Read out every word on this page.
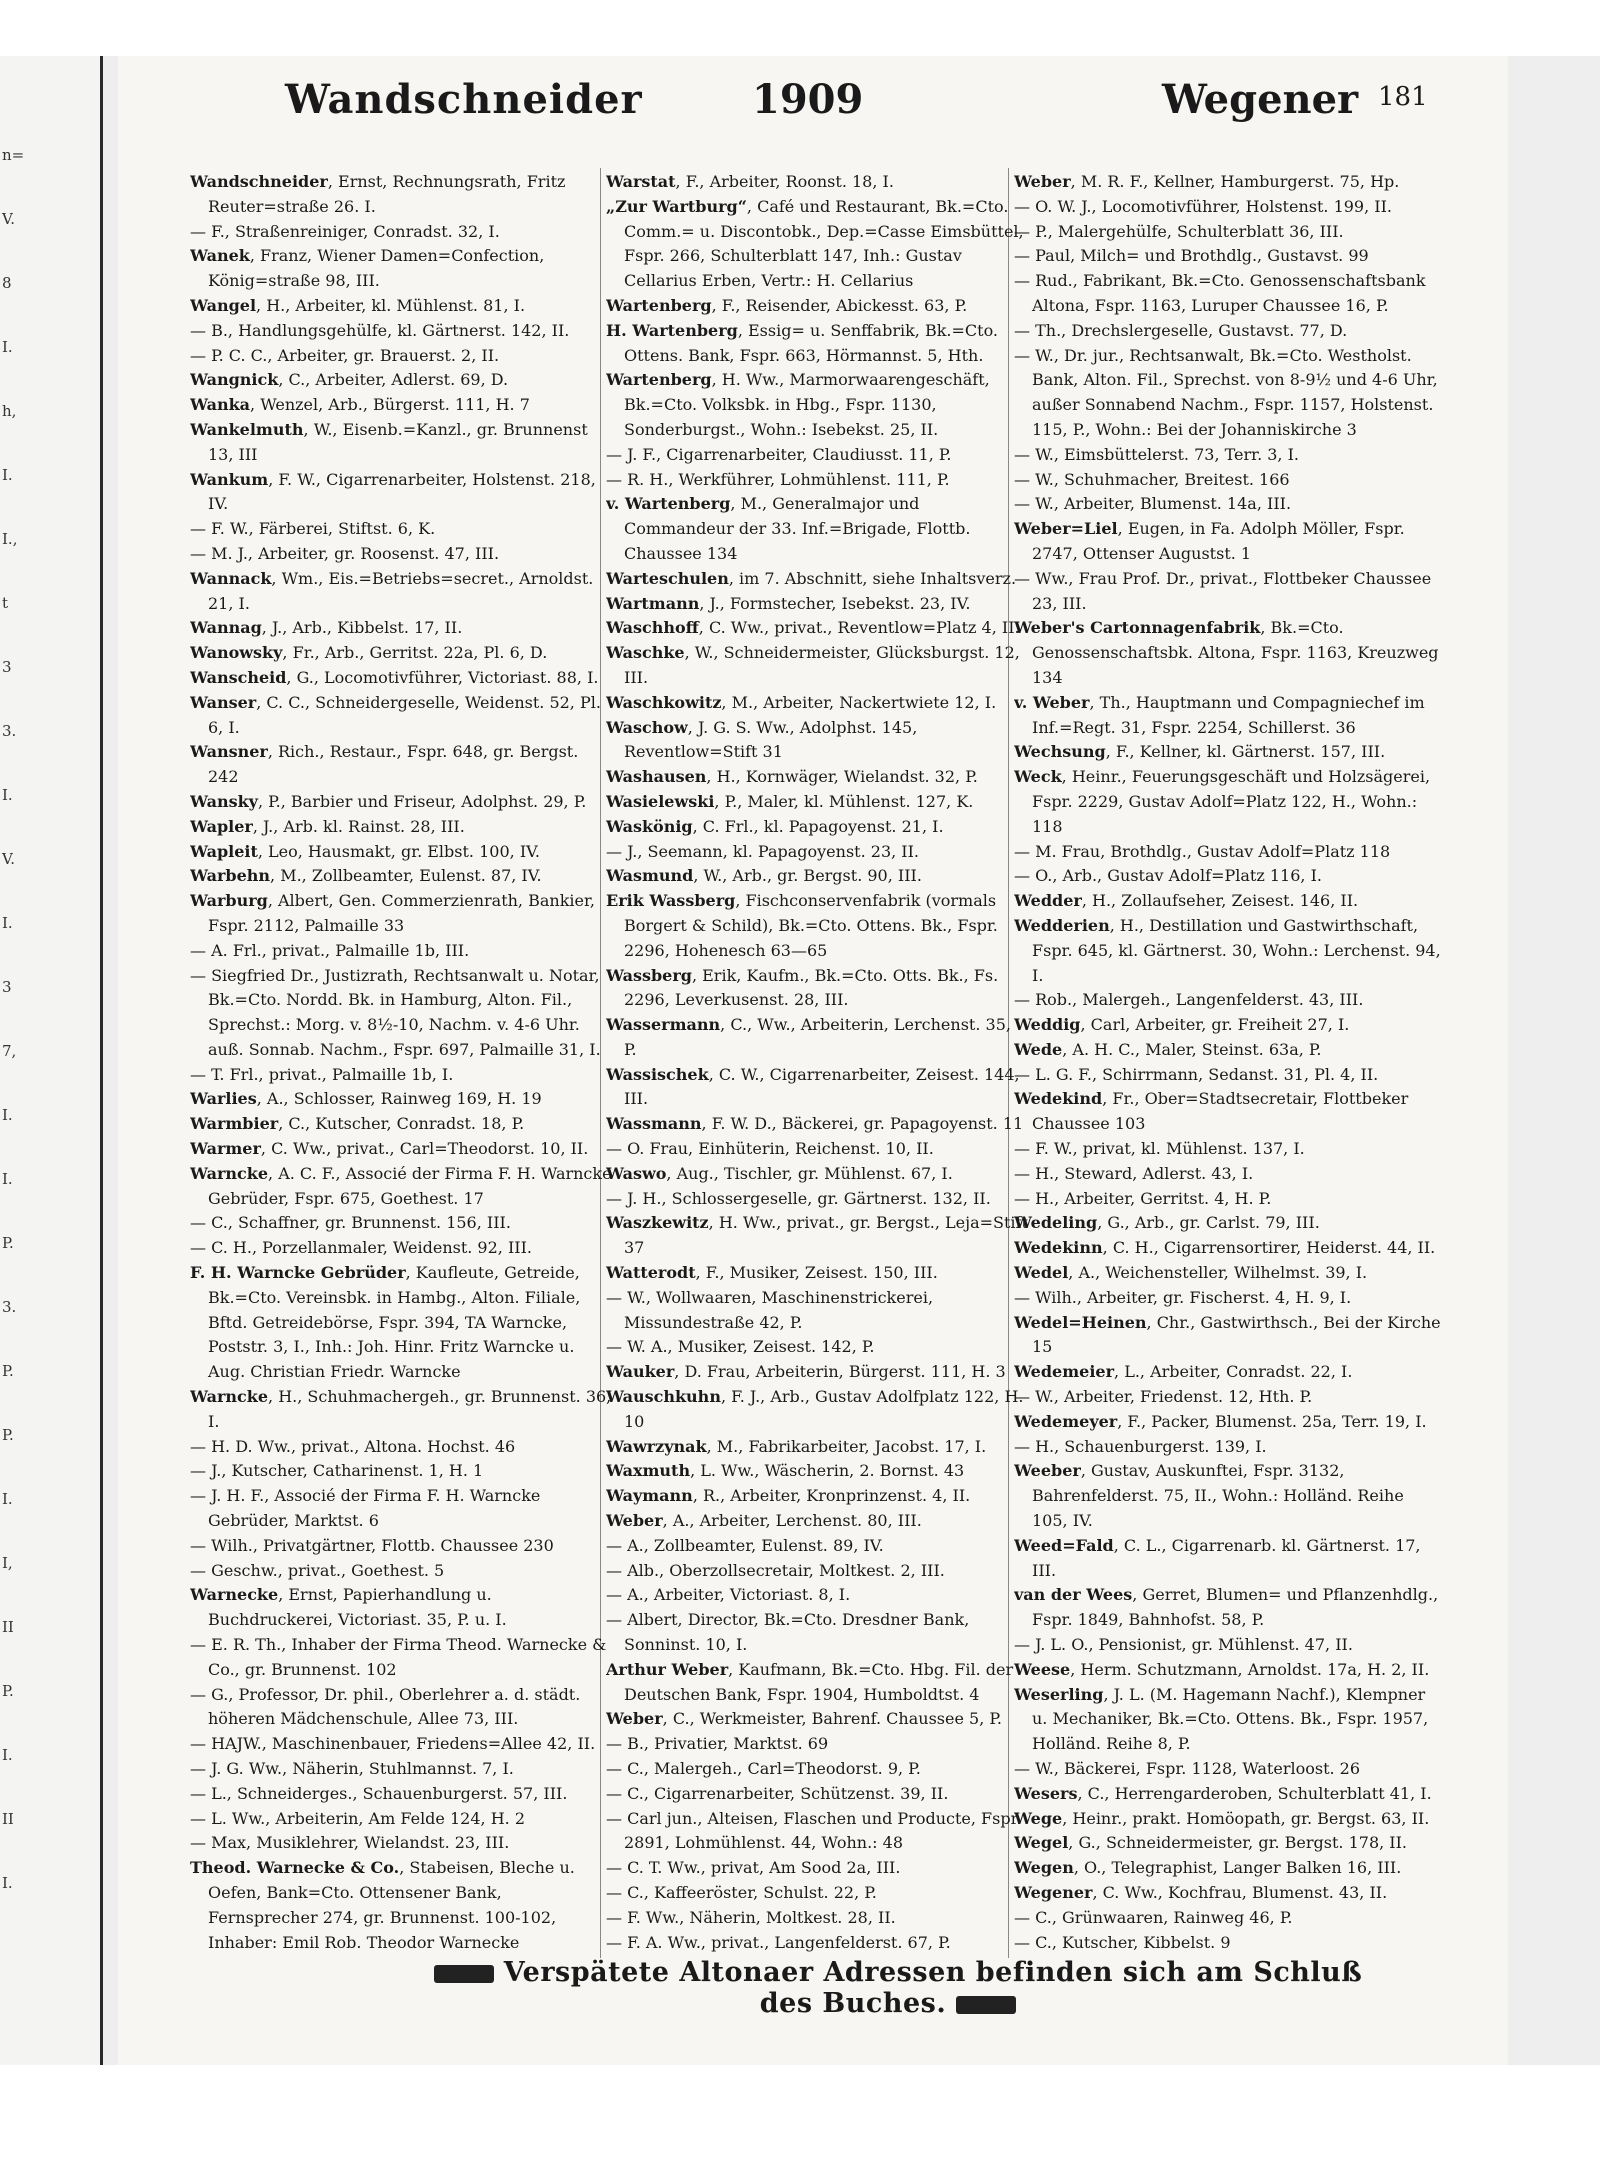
n=
V.
8
I.
h,
I.
I.,
t
3
3.
I.
V.
I.
3
7,
I.
I.
P.
3.
P.
P.
I.
I,
II
P.
I.
II
I.
Wandschneider	1909	Wegener 181
Wandschneider, Ernst, Rechnungsrath, Fritz Reuter=straße 26. I.
— F., Straßenreiniger, Conradst. 32, I.
Wanek, Franz, Wiener Damen=Confection, König=straße 98, III.
Wangel, H., Arbeiter, kl. Mühlenst. 81, I.
— B., Handlungsgehülfe, kl. Gärtnerst. 142, II.
— P. C. C., Arbeiter, gr. Brauerst. 2, II.
Wangnick, C., Arbeiter, Adlerst. 69, D.
Wanka, Wenzel, Arb., Bürgerst. 111, H. 7
Wankelmuth, W., Eisenb.=Kanzl., gr. Brunnenst 13, III
Wankum, F. W., Cigarrenarbeiter, Holstenst. 218, IV.
— F. W., Färberei, Stiftst. 6, K.
— M. J., Arbeiter, gr. Roosenst. 47, III.
Wannack, Wm., Eis.=Betriebs=secret., Arnoldst. 21, I.
Wannag, J., Arb., Kibbelst. 17, II.
Wanowsky, Fr., Arb., Gerritst. 22a, Pl. 6, D.
Wanscheid, G., Locomotivführer, Victoriast. 88, I.
Wanser, C. C., Schneidergeselle, Weidenst. 52, Pl. 6, I.
Wansner, Rich., Restaur., Fspr. 648, gr. Bergst. 242
Wansky, P., Barbier und Friseur, Adolphst. 29, P.
Wapler, J., Arb. kl. Rainst. 28, III.
Wapleit, Leo, Hausmakt, gr. Elbst. 100, IV.
Warbehn, M., Zollbeamter, Eulenst. 87, IV.
Warburg, Albert, Gen. Commerzienrath, Bankier, Fspr. 2112, Palmaille 33
— A. Frl., privat., Palmaille 1b, III.
— Siegfried Dr., Justizrath, Rechtsanwalt u. Notar, Bk.=Cto. Nordd. Bk. in Hamburg, Alton. Fil., Sprechst.: Morg. v. 8½-10, Nachm. v. 4-6 Uhr. auß. Sonnab. Nachm., Fspr. 697, Palmaille 31, I.
— T. Frl., privat., Palmaille 1b, I.
Warlies, A., Schlosser, Rainweg 169, H. 19
Warmbier, C., Kutscher, Conradst. 18, P.
Warmer, C. Ww., privat., Carl=Theodorst. 10, II.
Warncke, A. C. F., Associé der Firma F. H. Warncke Gebrüder, Fspr. 675, Goethest. 17
— C., Schaffner, gr. Brunnenst. 156, III.
— C. H., Porzellanmaler, Weidenst. 92, III.
F. H. Warncke Gebrüder, Kaufleute, Getreide, Bk.=Cto. Vereinsbk. in Hambg., Alton. Filiale, Bftd. Getreidebörse, Fspr. 394, TA Warncke, Poststr. 3, I., Inh.: Joh. Hinr. Fritz Warncke u. Aug. Christian Friedr. Warncke
Warncke, H., Schuhmachergeh., gr. Brunnenst. 36, I.
— H. D. Ww., privat., Altona. Hochst. 46
— J., Kutscher, Catharinenst. 1, H. 1
— J. H. F., Associé der Firma F. H. Warncke Gebrüder, Marktst. 6
— Wilh., Privatgärtner, Flottb. Chaussee 230
— Geschw., privat., Goethest. 5
Warnecke, Ernst, Papierhandlung u. Buchdruckerei, Victoriast. 35, P. u. I.
— E. R. Th., Inhaber der Firma Theod. Warnecke & Co., gr. Brunnenst. 102
— G., Professor, Dr. phil., Oberlehrer a. d. städt. höheren Mädchenschule, Allee 73, III.
— HAJW., Maschinenbauer, Friedens=Allee 42, II.
— J. G. Ww., Näherin, Stuhlmannst. 7, I.
— L., Schneiderges., Schauenburgerst. 57, III.
— L. Ww., Arbeiterin, Am Felde 124, H. 2
— Max, Musiklehrer, Wielandst. 23, III.
Theod. Warnecke & Co., Stabeisen, Bleche u. Oefen, Bank=Cto. Ottensener Bank, Fernsprecher 274, gr. Brunnenst. 100-102, Inhaber: Emil Rob. Theodor Warnecke
Warstat, F., Arbeiter, Roonst. 18, I.
„Zur Wartburg“, Café und Restaurant, Bk.=Cto. Comm.= u. Discontobk., Dep.=Casse Eimsbüttel, Fspr. 266, Schulterblatt 147, Inh.: Gustav Cellarius Erben, Vertr.: H. Cellarius
Wartenberg, F., Reisender, Abickesst. 63, P.
H. Wartenberg, Essig= u. Senffabrik, Bk.=Cto. Ottens. Bank, Fspr. 663, Hörmannst. 5, Hth.
Wartenberg, H. Ww., Marmorwaarengeschäft, Bk.=Cto. Volksbk. in Hbg., Fspr. 1130, Sonderburgst., Wohn.: Isebekst. 25, II.
— J. F., Cigarrenarbeiter, Claudiusst. 11, P.
— R. H., Werkführer, Lohmühlenst. 111, P.
v. Wartenberg, M., Generalmajor und Commandeur der 33. Inf.=Brigade, Flottb. Chaussee 134
Warteschulen, im 7. Abschnitt, siehe Inhaltsverz.
Wartmann, J., Formstecher, Isebekst. 23, IV.
Waschhoff, C. Ww., privat., Reventlow=Platz 4, II.
Waschke, W., Schneidermeister, Glücksburgst. 12, III.
Waschkowitz, M., Arbeiter, Nackertwiete 12, I.
Waschow, J. G. S. Ww., Adolphst. 145, Reventlow=Stift 31
Washausen, H., Kornwäger, Wielandst. 32, P.
Wasielewski, P., Maler, kl. Mühlenst. 127, K.
Waskönig, C. Frl., kl. Papagoyenst. 21, I.
— J., Seemann, kl. Papagoyenst. 23, II.
Wasmund, W., Arb., gr. Bergst. 90, III.
Erik Wassberg, Fischconservenfabrik (vormals Borgert & Schild), Bk.=Cto. Ottens. Bk., Fspr. 2296, Hohenesch 63—65
Wassberg, Erik, Kaufm., Bk.=Cto. Otts. Bk., Fs. 2296, Leverkusenst. 28, III.
Wassermann, C., Ww., Arbeiterin, Lerchenst. 35, P.
Wassischek, C. W., Cigarrenarbeiter, Zeisest. 144, III.
Wassmann, F. W. D., Bäckerei, gr. Papagoyenst. 11
— O. Frau, Einhüterin, Reichenst. 10, II.
Waswo, Aug., Tischler, gr. Mühlenst. 67, I.
— J. H., Schlossergeselle, gr. Gärtnerst. 132, II.
Waszkewitz, H. Ww., privat., gr. Bergst., Leja=Stift 37
Watterodt, F., Musiker, Zeisest. 150, III.
— W., Wollwaaren, Maschinenstrickerei, Missundestraße 42, P.
— W. A., Musiker, Zeisest. 142, P.
Wauker, D. Frau, Arbeiterin, Bürgerst. 111, H. 3
Wauschkuhn, F. J., Arb., Gustav Adolfplatz 122, H. 10
Wawrzynak, M., Fabrikarbeiter, Jacobst. 17, I.
Waxmuth, L. Ww., Wäscherin, 2. Bornst. 43
Waymann, R., Arbeiter, Kronprinzenst. 4, II.
Weber, A., Arbeiter, Lerchenst. 80, III.
— A., Zollbeamter, Eulenst. 89, IV.
— Alb., Oberzollsecretair, Moltkest. 2, III.
— A., Arbeiter, Victoriast. 8, I.
— Albert, Director, Bk.=Cto. Dresdner Bank, Sonninst. 10, I.
Arthur Weber, Kaufmann, Bk.=Cto. Hbg. Fil. der Deutschen Bank, Fspr. 1904, Humboldtst. 4
Weber, C., Werkmeister, Bahrenf. Chaussee 5, P.
— B., Privatier, Marktst. 69
— C., Malergeh., Carl=Theodorst. 9, P.
— C., Cigarrenarbeiter, Schützenst. 39, II.
— Carl jun., Alteisen, Flaschen und Producte, Fspr. 2891, Lohmühlenst. 44, Wohn.: 48
— C. T. Ww., privat, Am Sood 2a, III.
— C., Kaffeeröster, Schulst. 22, P.
— F. Ww., Näherin, Moltkest. 28, II.
— F. A. Ww., privat., Langenfelderst. 67, P.
Weber, M. R. F., Kellner, Hamburgerst. 75, Hp.
— O. W. J., Locomotivführer, Holstenst. 199, II.
— P., Malergehülfe, Schulterblatt 36, III.
— Paul, Milch= und Brothdlg., Gustavst. 99
— Rud., Fabrikant, Bk.=Cto. Genossenschaftsbank Altona, Fspr. 1163, Luruper Chaussee 16, P.
— Th., Drechslergeselle, Gustavst. 77, D.
— W., Dr. jur., Rechtsanwalt, Bk.=Cto. Westholst. Bank, Alton. Fil., Sprechst. von 8-9½ und 4-6 Uhr, außer Sonnabend Nachm., Fspr. 1157, Holstenst. 115, P., Wohn.: Bei der Johanniskirche 3
— W., Eimsbüttelerst. 73, Terr. 3, I.
— W., Schuhmacher, Breitest. 166
— W., Arbeiter, Blumenst. 14a, III.
Weber=Liel, Eugen, in Fa. Adolph Möller, Fspr. 2747, Ottenser Augustst. 1
— Ww., Frau Prof. Dr., privat., Flottbeker Chaussee 23, III.
Weber's Cartonnagenfabrik, Bk.=Cto. Genossenschaftsbk. Altona, Fspr. 1163, Kreuzweg 134
v. Weber, Th., Hauptmann und Compagniechef im Inf.=Regt. 31, Fspr. 2254, Schillerst. 36
Wechsung, F., Kellner, kl. Gärtnerst. 157, III.
Weck, Heinr., Feuerungsgeschäft und Holzsägerei, Fspr. 2229, Gustav Adolf=Platz 122, H., Wohn.: 118
— M. Frau, Brothdlg., Gustav Adolf=Platz 118
— O., Arb., Gustav Adolf=Platz 116, I.
Wedder, H., Zollaufseher, Zeisest. 146, II.
Wedderien, H., Destillation und Gastwirthschaft, Fspr. 645, kl. Gärtnerst. 30, Wohn.: Lerchenst. 94, I.
— Rob., Malergeh., Langenfelderst. 43, III.
Weddig, Carl, Arbeiter, gr. Freiheit 27, I.
Wede, A. H. C., Maler, Steinst. 63a, P.
— L. G. F., Schirrmann, Sedanst. 31, Pl. 4, II.
Wedekind, Fr., Ober=Stadtsecretair, Flottbeker Chaussee 103
— F. W., privat, kl. Mühlenst. 137, I.
— H., Steward, Adlerst. 43, I.
— H., Arbeiter, Gerritst. 4, H. P.
Wedeling, G., Arb., gr. Carlst. 79, III.
Wedekinn, C. H., Cigarrensortirer, Heiderst. 44, II.
Wedel, A., Weichensteller, Wilhelmst. 39, I.
— Wilh., Arbeiter, gr. Fischerst. 4, H. 9, I.
Wedel=Heinen, Chr., Gastwirthsch., Bei der Kirche 15
Wedemeier, L., Arbeiter, Conradst. 22, I.
— W., Arbeiter, Friedenst. 12, Hth. P.
Wedemeyer, F., Packer, Blumenst. 25a, Terr. 19, I.
— H., Schauenburgerst. 139, I.
Weeber, Gustav, Auskunftei, Fspr. 3132, Bahrenfelderst. 75, II., Wohn.: Holländ. Reihe 105, IV.
Weed=Fald, C. L., Cigarrenarb. kl. Gärtnerst. 17, III.
van der Wees, Gerret, Blumen= und Pflanzenhdlg., Fspr. 1849, Bahnhofst. 58, P.
— J. L. O., Pensionist, gr. Mühlenst. 47, II.
Weese, Herm. Schutzmann, Arnoldst. 17a, H. 2, II.
Weserling, J. L. (M. Hagemann Nachf.), Klempner u. Mechaniker, Bk.=Cto. Ottens. Bk., Fspr. 1957, Holländ. Reihe 8, P.
— W., Bäckerei, Fspr. 1128, Waterloost. 26
Wesers, C., Herrengarderoben, Schulterblatt 41, I.
Wege, Heinr., prakt. Homöopath, gr. Bergst. 63, II.
Wegel, G., Schneidermeister, gr. Bergst. 178, II.
Wegen, O., Telegraphist, Langer Balken 16, III.
Wegener, C. Ww., Kochfrau, Blumenst. 43, II.
— C., Grünwaaren, Rainweg 46, P.
— C., Kutscher, Kibbelst. 9
Verspätete Altonaer Adressen befinden sich am Schluß des Buches.
